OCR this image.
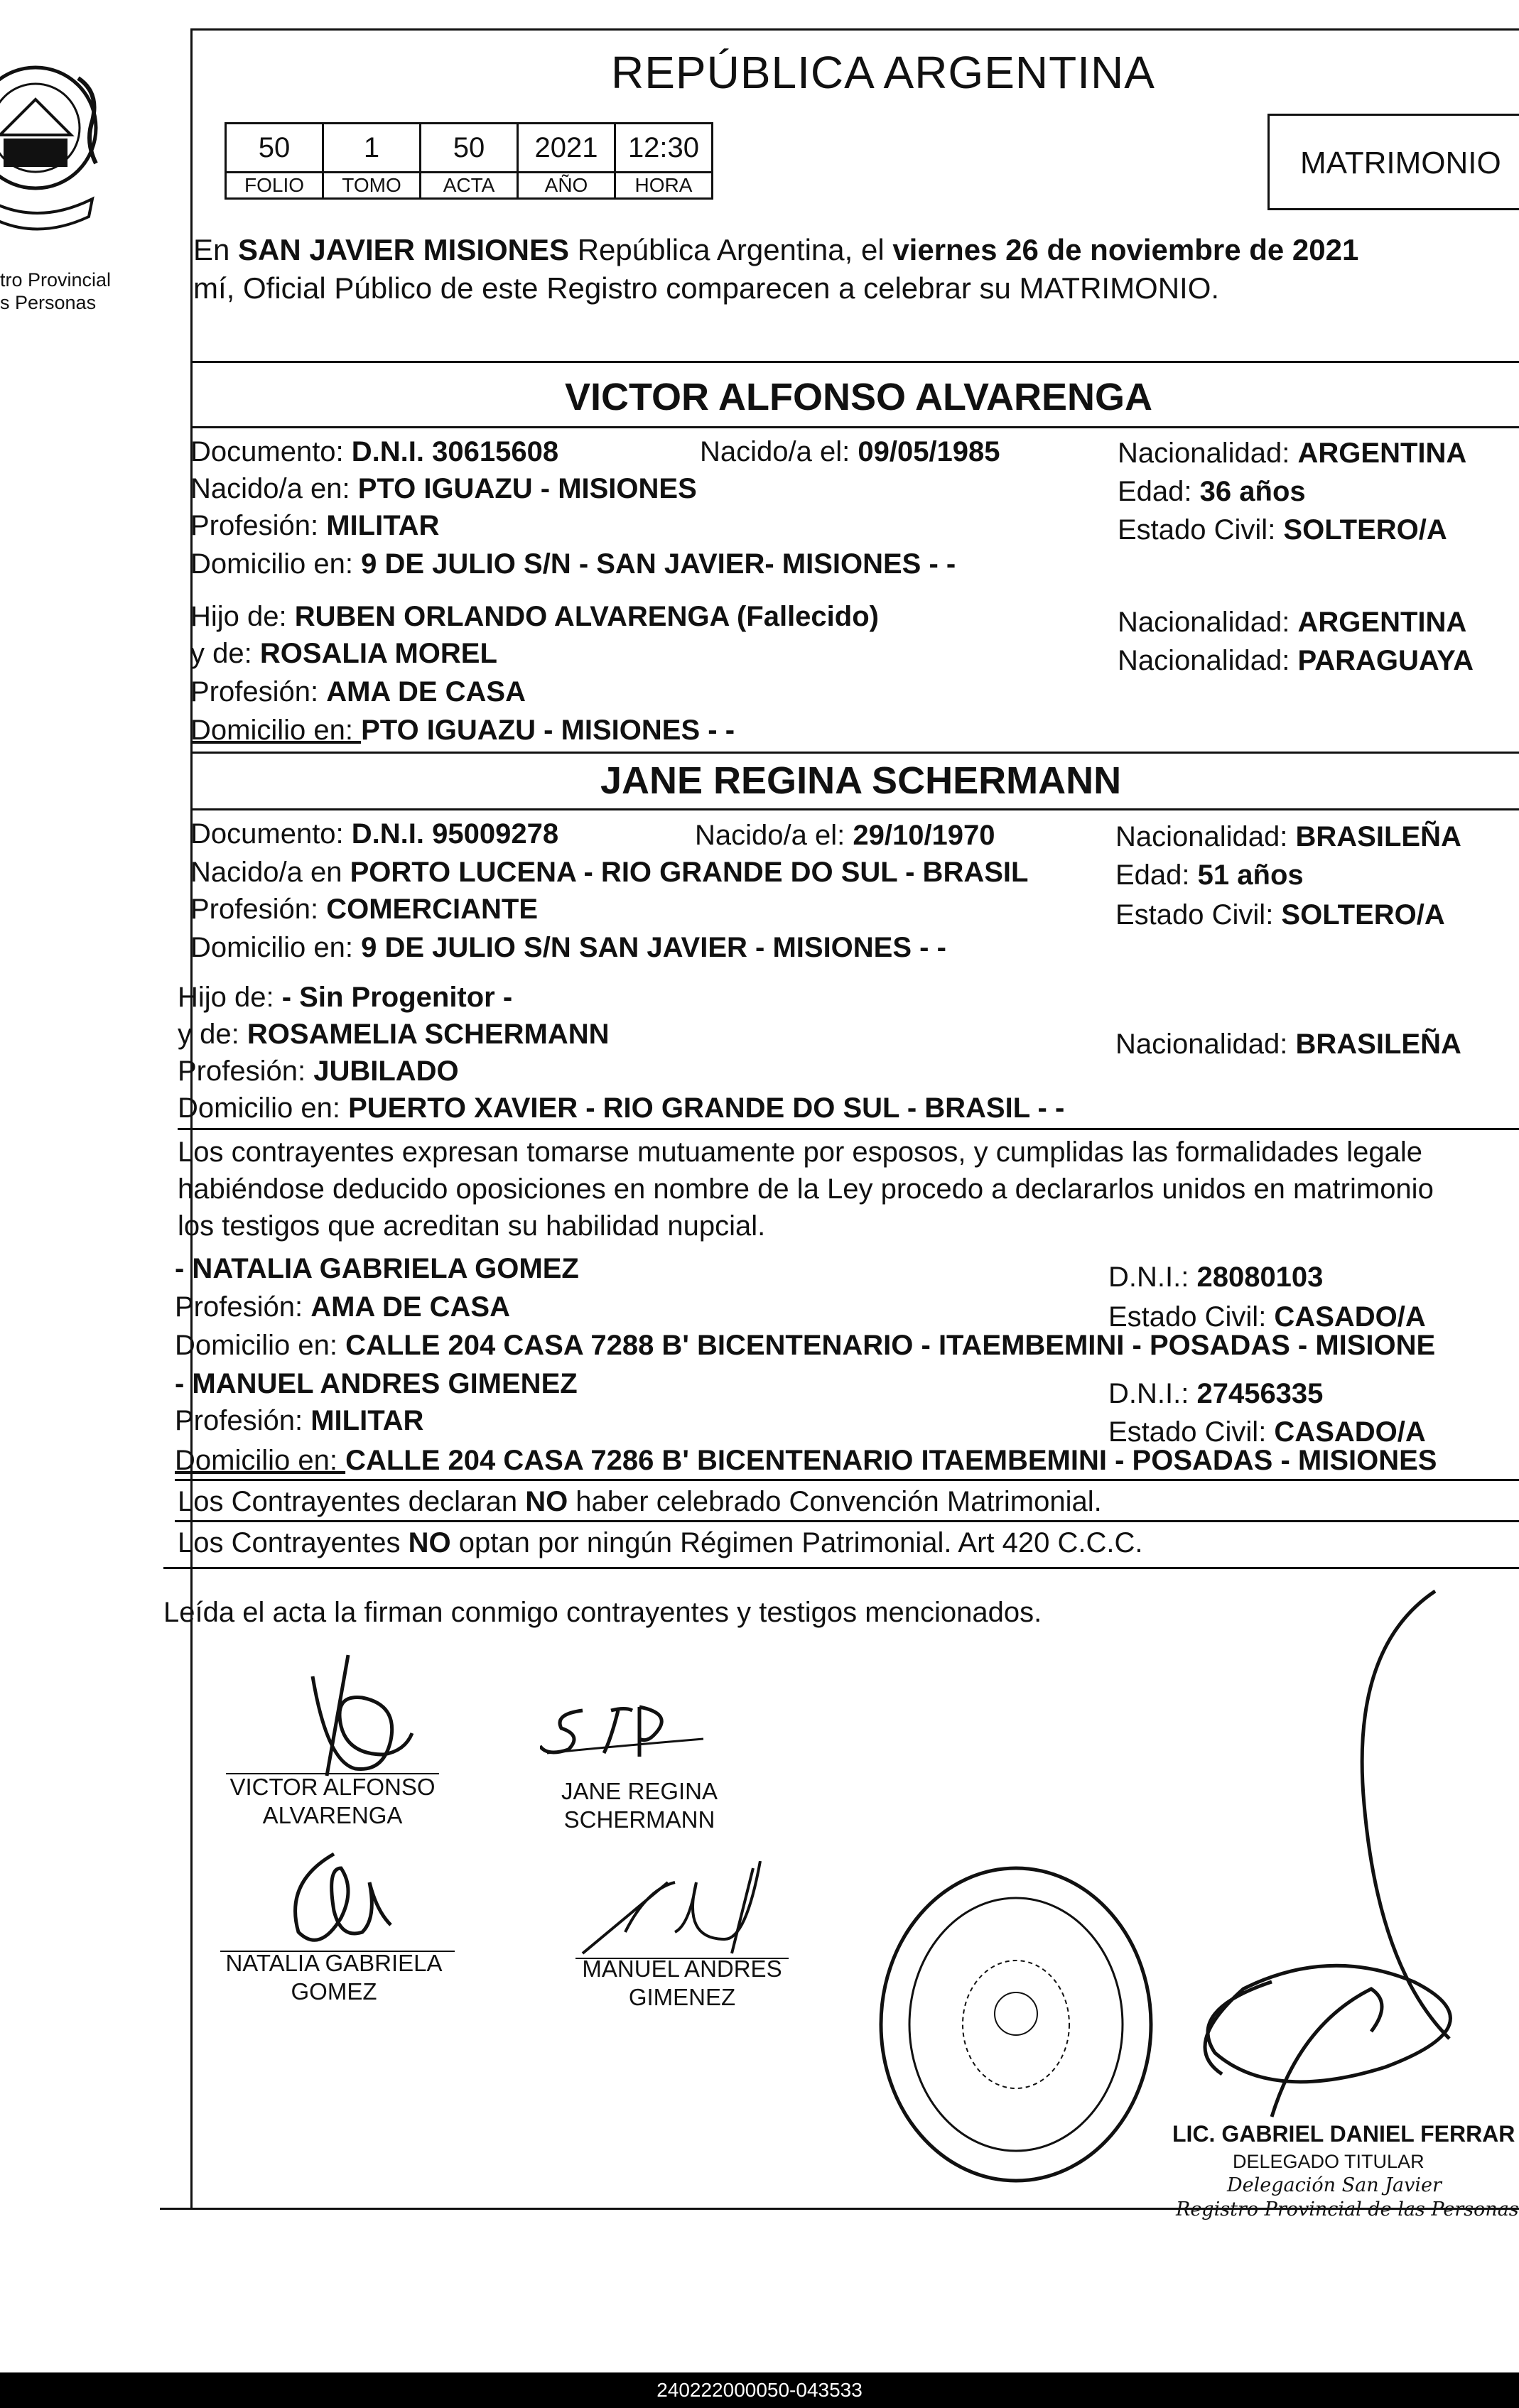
tro Provincial
s Personas
REPÚBLICA ARGENTINA
50	1	50	2021	12:30
FOLIO	TOMO	ACTA	AÑO	HORA
MATRIMONIO
En SAN JAVIER MISIONES República Argentina, el viernes 26 de noviembre de 2021
mí, Oficial Público de este Registro comparecen a celebrar su MATRIMONIO.
VICTOR ALFONSO ALVARENGA
Documento: D.N.I. 30615608	Nacido/a el: 09/05/1985	Nacionalidad: ARGENTINA
Nacido/a en: PTO IGUAZU - MISIONES	Edad: 36 años
Profesión: MILITAR	Estado Civil: SOLTERO/A
Domicilio en: 9 DE JULIO S/N - SAN JAVIER- MISIONES - -
Hijo de: RUBEN ORLANDO ALVARENGA (Fallecido)	Nacionalidad: ARGENTINA
y de: ROSALIA MOREL	Nacionalidad: PARAGUAYA
Profesión: AMA DE CASA
Domicilio en: PTO IGUAZU - MISIONES - -
JANE REGINA SCHERMANN
Documento: D.N.I. 95009278	Nacido/a el: 29/10/1970	Nacionalidad: BRASILEÑA
Nacido/a en PORTO LUCENA - RIO GRANDE DO SUL - BRASIL	Edad: 51 años
Profesión: COMERCIANTE	Estado Civil: SOLTERO/A
Domicilio en: 9 DE JULIO S/N SAN JAVIER - MISIONES - -
Hijo de: - Sin Progenitor -
y de: ROSAMELIA SCHERMANN	Nacionalidad: BRASILEÑA
Profesión: JUBILADO
Domicilio en: PUERTO XAVIER - RIO GRANDE DO SUL - BRASIL - -
Los contrayentes expresan tomarse mutuamente por esposos, y cumplidas las formalidades legale
habiéndose deducido oposiciones en nombre de la Ley procedo a declararlos unidos en matrimonio
los testigos que acreditan su habilidad nupcial.
- NATALIA GABRIELA GOMEZ	D.N.I.: 28080103
Profesión: AMA DE CASA	Estado Civil: CASADO/A
Domicilio en: CALLE 204 CASA 7288 B' BICENTENARIO - ITAEMBEMINI - POSADAS - MISIONE
- MANUEL ANDRES GIMENEZ	D.N.I.: 27456335
Profesión: MILITAR	Estado Civil: CASADO/A
Domicilio en: CALLE 204 CASA 7286 B' BICENTENARIO ITAEMBEMINI - POSADAS - MISIONES
Los Contrayentes declaran NO haber celebrado Convención Matrimonial.
Los Contrayentes NO optan por ningún Régimen Patrimonial. Art 420 C.C.C.
Leída el acta la firman conmigo contrayentes y testigos mencionados.
VICTOR ALFONSO
ALVARENGA
JANE REGINA
SCHERMANN
NATALIA GABRIELA
GOMEZ
MANUEL ANDRES
GIMENEZ
LIC. GABRIEL DANIEL FERRAR
DELEGADO TITULAR
Delegación San Javier
Registro Provincial de las Personas
240222000050-043533
